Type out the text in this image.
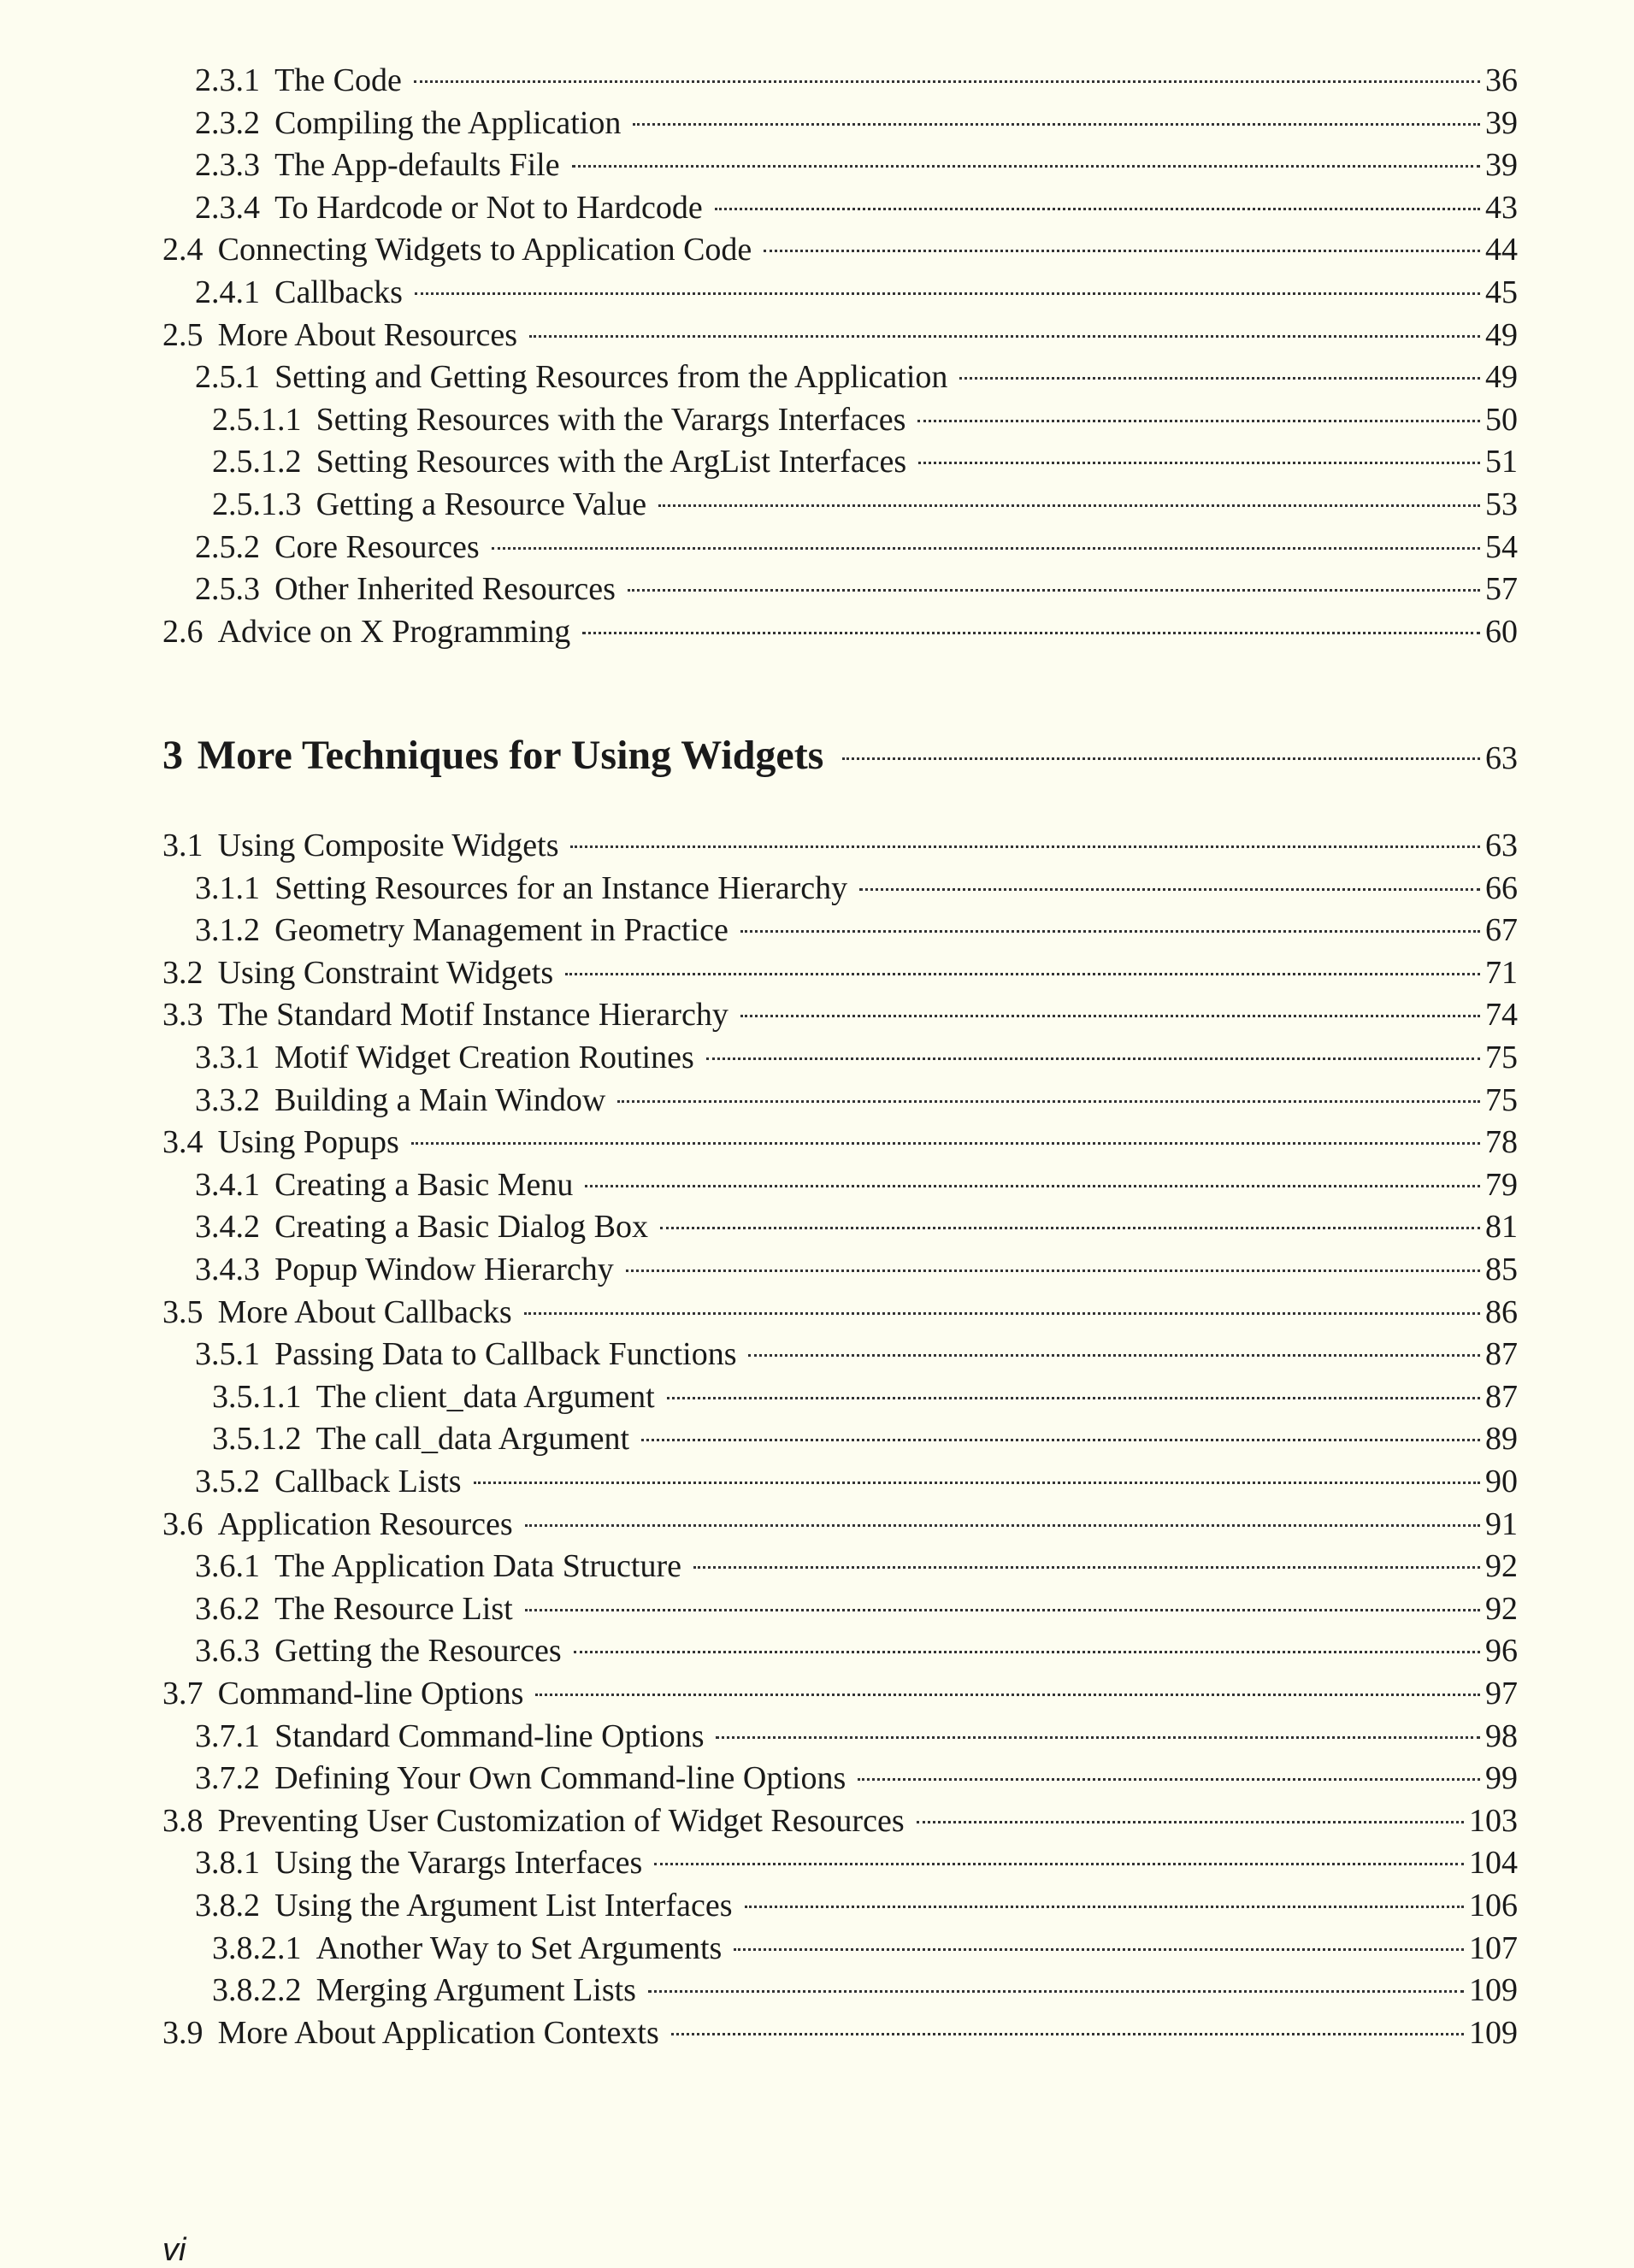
2.3.1 The Code	36
2.3.2 Compiling the Application	39
2.3.3 The App-defaults File	39
2.3.4 To Hardcode or Not to Hardcode	43
2.4 Connecting Widgets to Application Code	44
2.4.1 Callbacks	45
2.5 More About Resources	49
2.5.1 Setting and Getting Resources from the Application	49
2.5.1.1 Setting Resources with the Varargs Interfaces	50
2.5.1.2 Setting Resources with the ArgList Interfaces	51
2.5.1.3 Getting a Resource Value	53
2.5.2 Core Resources	54
2.5.3 Other Inherited Resources	57
2.6 Advice on X Programming	60
3 More Techniques for Using Widgets	63
3.1 Using Composite Widgets	63
3.1.1 Setting Resources for an Instance Hierarchy	66
3.1.2 Geometry Management in Practice	67
3.2 Using Constraint Widgets	71
3.3 The Standard Motif Instance Hierarchy	74
3.3.1 Motif Widget Creation Routines	75
3.3.2 Building a Main Window	75
3.4 Using Popups	78
3.4.1 Creating a Basic Menu	79
3.4.2 Creating a Basic Dialog Box	81
3.4.3 Popup Window Hierarchy	85
3.5 More About Callbacks	86
3.5.1 Passing Data to Callback Functions	87
3.5.1.1 The client_data Argument	87
3.5.1.2 The call_data Argument	89
3.5.2 Callback Lists	90
3.6 Application Resources	91
3.6.1 The Application Data Structure	92
3.6.2 The Resource List	92
3.6.3 Getting the Resources	96
3.7 Command-line Options	97
3.7.1 Standard Command-line Options	98
3.7.2 Defining Your Own Command-line Options	99
3.8 Preventing User Customization of Widget Resources	103
3.8.1 Using the Varargs Interfaces	104
3.8.2 Using the Argument List Interfaces	106
3.8.2.1 Another Way to Set Arguments	107
3.8.2.2 Merging Argument Lists	109
3.9 More About Application Contexts	109
vi
